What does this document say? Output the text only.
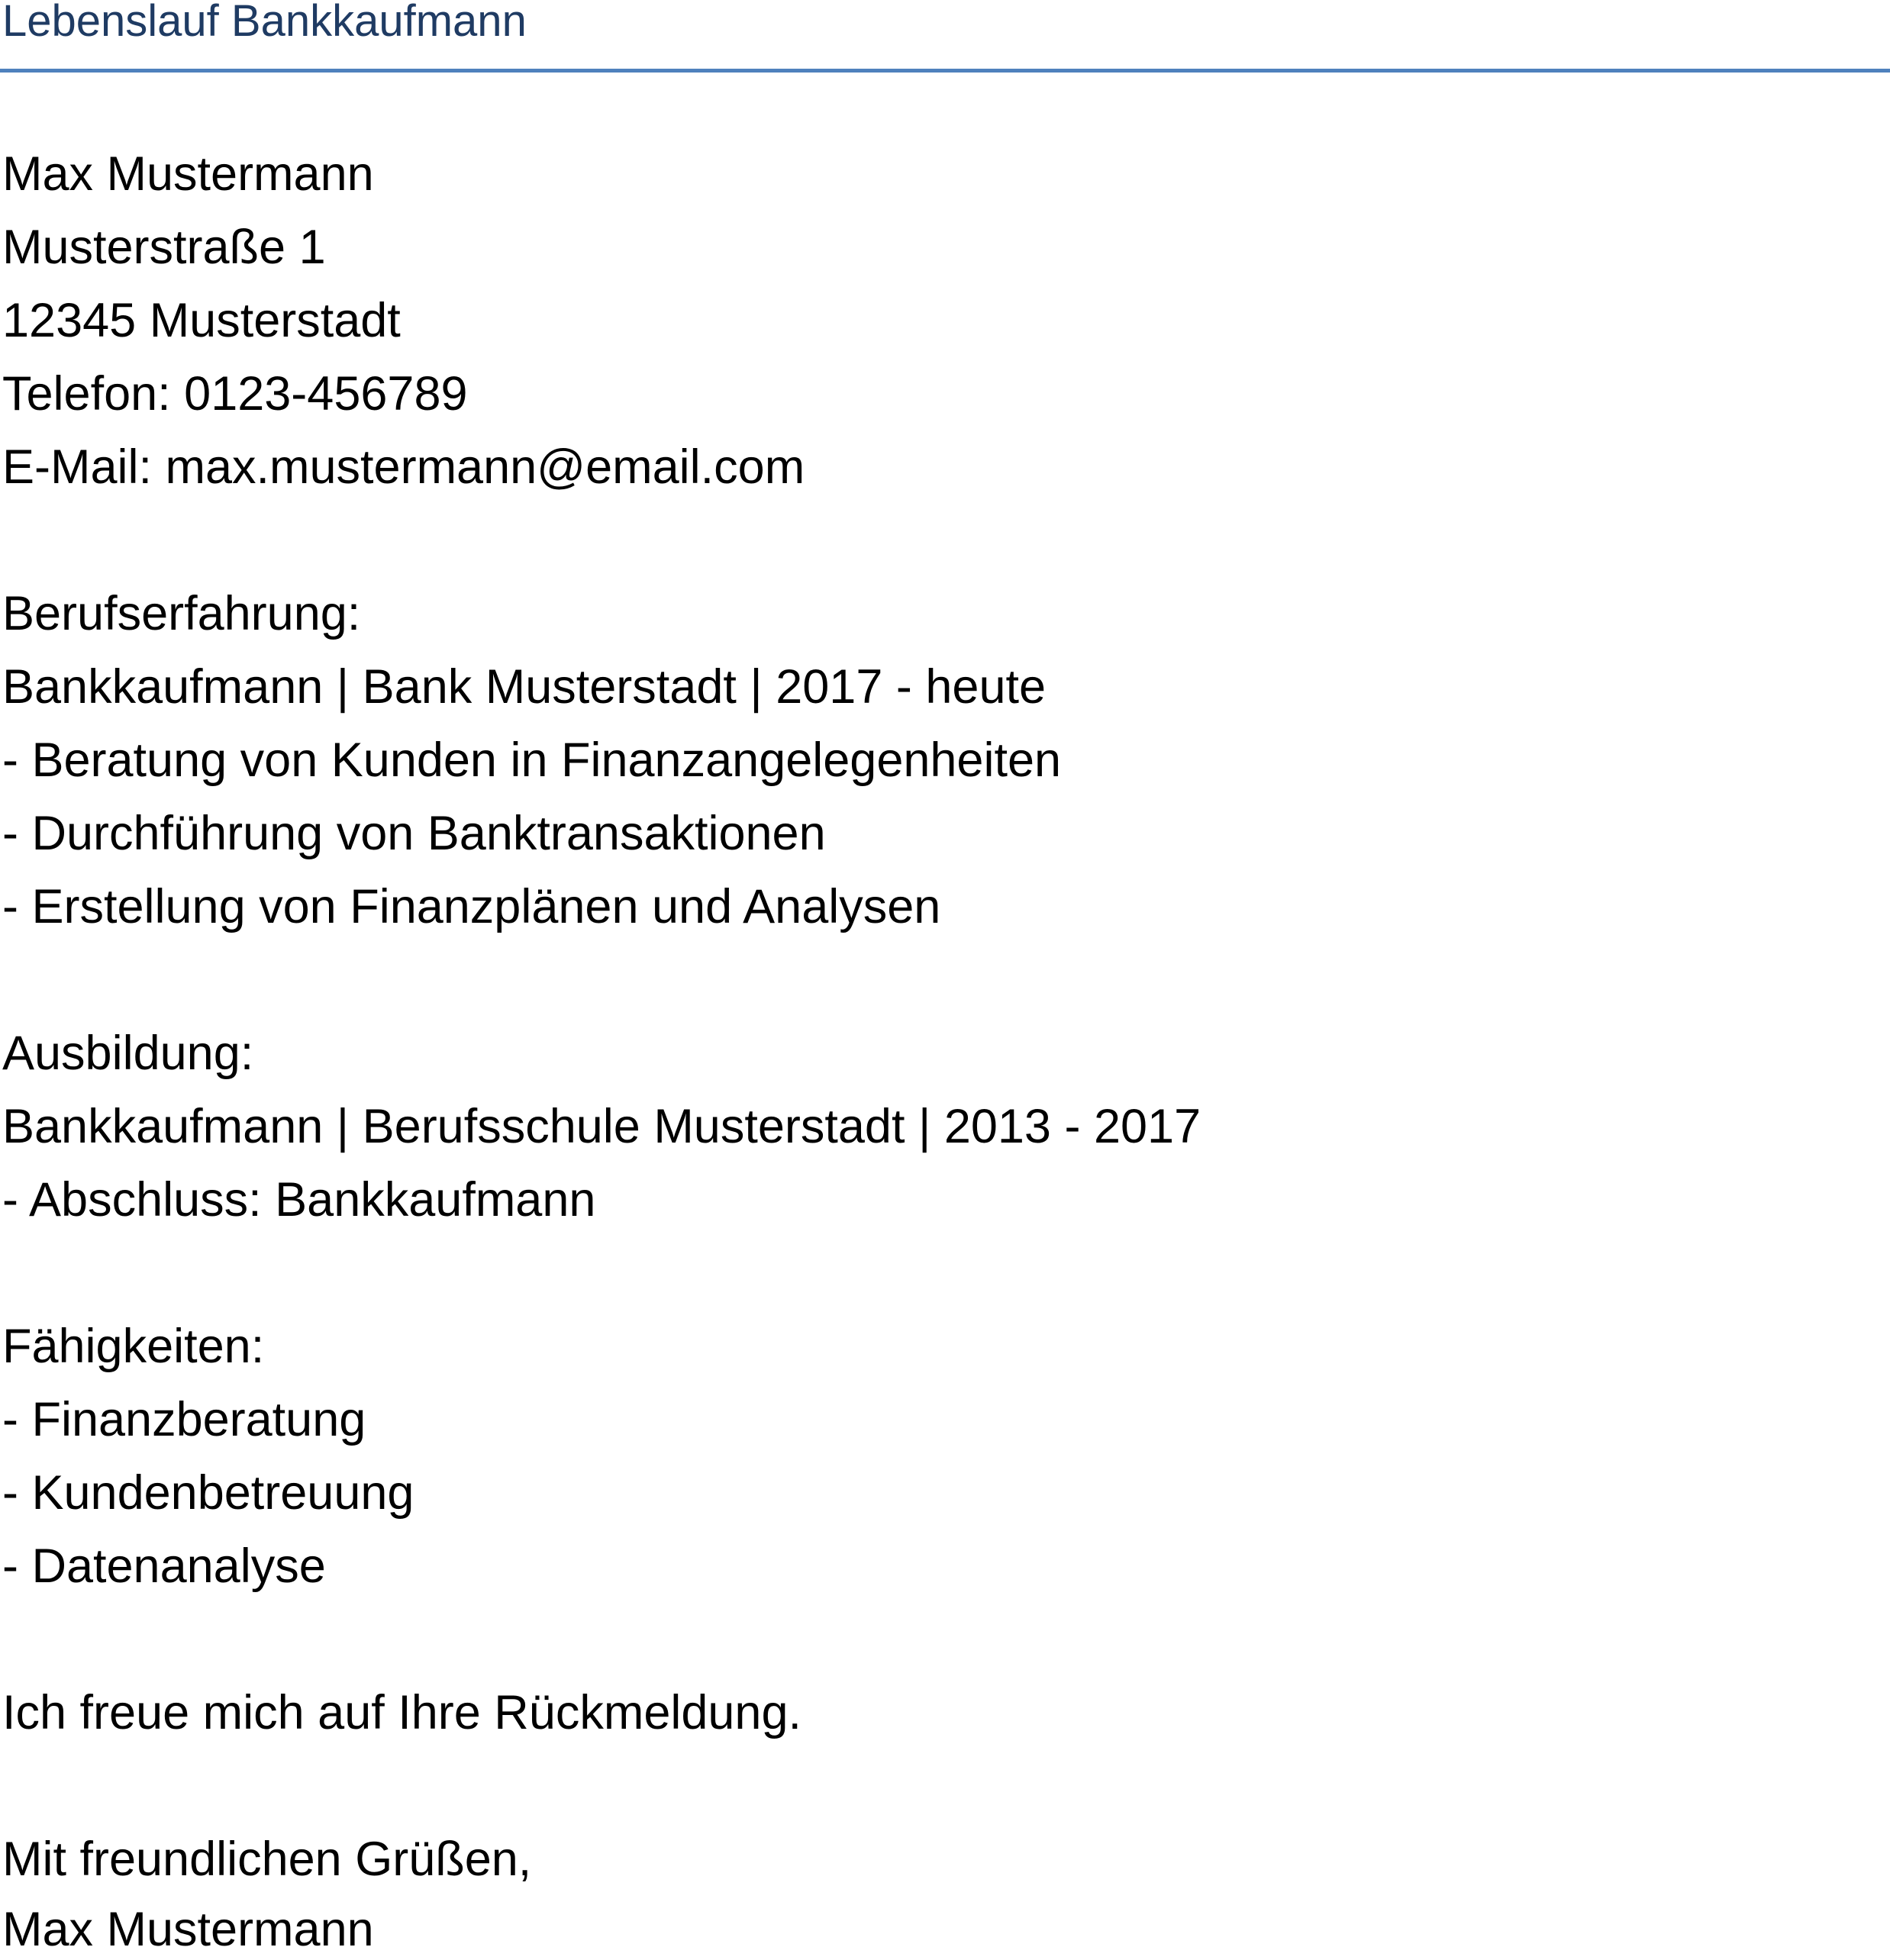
Lebenslauf Bankkaufmann

Max Mustermann

Musterstraße 1

12345 Musterstadt

Telefon: 0123-456789

E-Mail: max.mustermann@email.com

Berufserfahrung:

Bankkaufmann | Bank Musterstadt | 2017 - heute

- Beratung von Kunden in Finanzangelegenheiten

- Durchführung von Banktransaktionen

- Erstellung von Finanzplänen und Analysen

Ausbildung:

Bankkaufmann | Berufsschule Musterstadt | 2013 - 2017

- Abschluss: Bankkaufmann

Fähigkeiten:

- Finanzberatung

- Kundenbetreuung

- Datenanalyse

Ich freue mich auf Ihre Rückmeldung.

Mit freundlichen Grüßen,

Max Mustermann
